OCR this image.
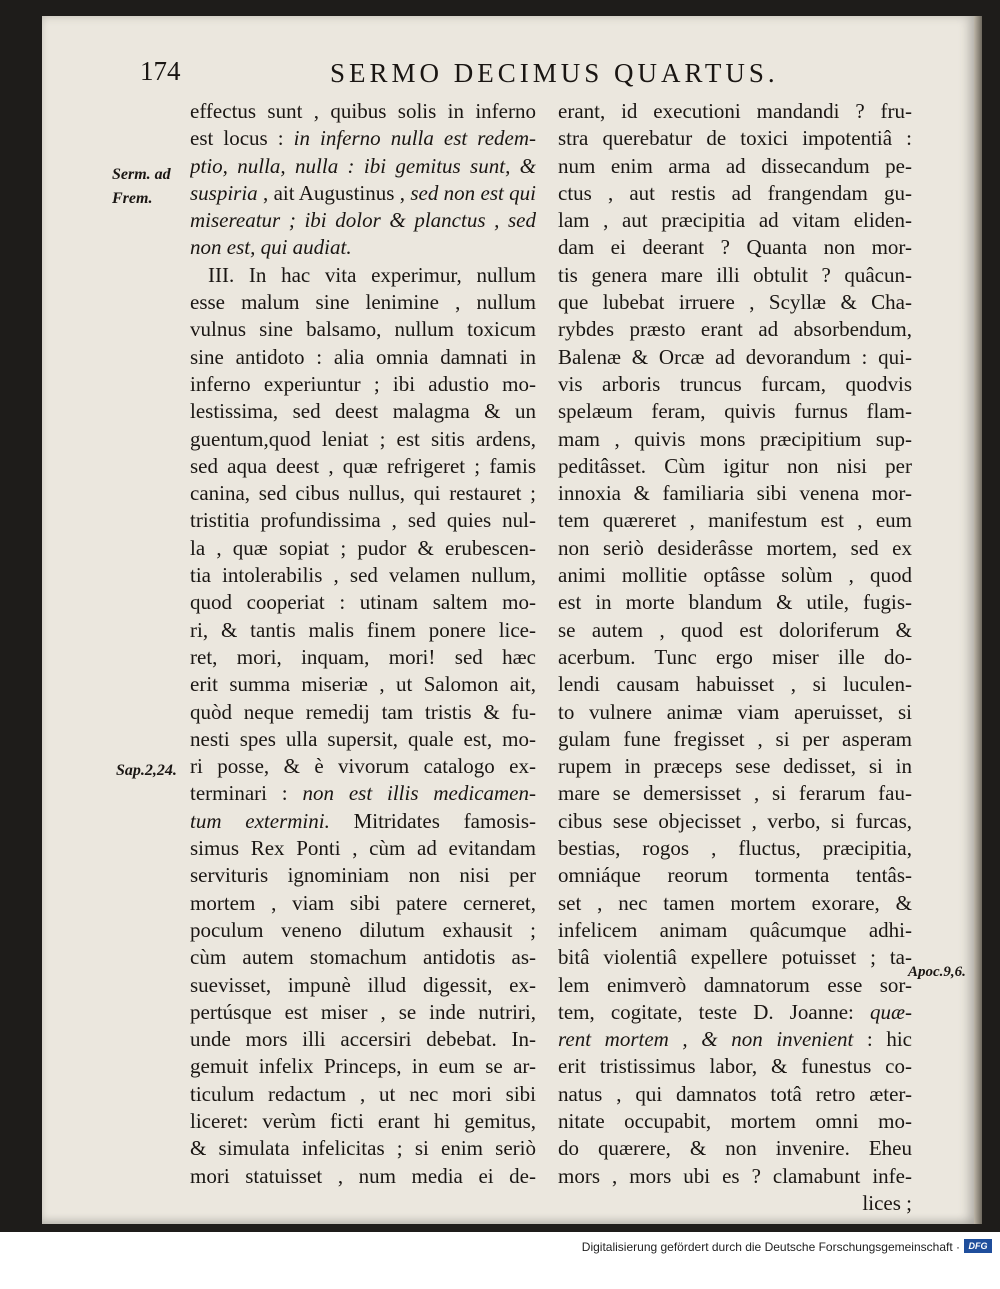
174	SERMO DECIMUS QUARTUS.
Serm. ad
Frem.
Sap.2,24.
Apoc.9,6.
effectus sunt , quibus solis in inferno
est locus : in inferno nulla est redem-
ptio, nulla, nulla : ibi gemitus sunt, &
suspiria , ait Augustinus , sed non est qui
misereatur ; ibi dolor & planctus , sed
non est, qui audiat.
III. In hac vita experimur, nullum
esse malum sine lenimine , nullum
vulnus sine balsamo, nullum toxicum
sine antidoto : alia omnia damnati in
inferno experiuntur ; ibi adustio mo-
lestissima, sed deest malagma & un
guentum,quod leniat ; est sitis ardens,
sed aqua deest , quæ refrigeret ; famis
canina, sed cibus nullus, qui restauret ;
tristitia profundissima , sed quies nul-
la , quæ sopiat ; pudor & erubescen-
tia intolerabilis , sed velamen nullum,
quod cooperiat : utinam saltem mo-
ri, & tantis malis finem ponere lice-
ret, mori, inquam, mori! sed hæc
erit summa miseriæ , ut Salomon ait,
quòd neque remedij tam tristis & fu-
nesti spes ulla supersit, quale est, mo-
ri posse, & è vivorum catalogo ex-
terminari : non est illis medicamen-
tum extermini. Mitridates famosis-
simus Rex Ponti , cùm ad evitandam
servituris ignominiam non nisi per
mortem , viam sibi patere cerneret,
poculum veneno dilutum exhausit ;
cùm autem stomachum antidotis as-
suevisset, impunè illud digessit, ex-
pertúsque est miser , se inde nutriri,
unde mors illi accersiri debebat. In-
gemuit infelix Princeps, in eum se ar-
ticulum redactum , ut nec mori sibi
liceret: verùm ficti erant hi gemitus,
& simulata infelicitas ; si enim seriò
mori statuisset , num media ei de-
erant, id executioni mandandi ? fru-
stra querebatur de toxici impotentiâ :
num enim arma ad dissecandum pe-
ctus , aut restis ad frangendam gu-
lam , aut præcipitia ad vitam eliden-
dam ei deerant ? Quanta non mor-
tis genera mare illi obtulit ? quâcun-
que lubebat irruere , Scyllæ & Cha-
rybdes præsto erant ad absorbendum,
Balenæ & Orcæ ad devorandum : qui-
vis arboris truncus furcam, quodvis
spelæum feram, quivis furnus flam-
mam , quivis mons præcipitium sup-
peditâsset. Cùm igitur non nisi per
innoxia & familiaria sibi venena mor-
tem quæreret , manifestum est , eum
non seriò desiderâsse mortem, sed ex
animi mollitie optâsse solùm , quod
est in morte blandum & utile, fugis-
se autem , quod est doloriferum &
acerbum. Tunc ergo miser ille do-
lendi causam habuisset , si luculen-
to vulnere animæ viam aperuisset, si
gulam fune fregisset , si per asperam
rupem in præceps sese dedisset, si in
mare se demersisset , si ferarum fau-
cibus sese objecisset , verbo, si furcas,
bestias, rogos , fluctus, præcipitia,
omniáque reorum tormenta tentâs-
set , nec tamen mortem exorare, &
infelicem animam quâcumque adhi-
bitâ violentiâ expellere potuisset ; ta-
lem enimverò damnatorum esse sor-
tem, cogitate, teste D. Joanne: quæ-
rent mortem , & non invenient : hic
erit tristissimus labor, & funestus co-
natus , qui damnatos totâ retro æter-
nitate occupabit, mortem omni mo-
do quærere, & non invenire. Eheu
mors , mors ubi es ? clamabunt infe-
lices ;
Digitalisierung gefördert durch die Deutsche Forschungsgemeinschaft · DFG
